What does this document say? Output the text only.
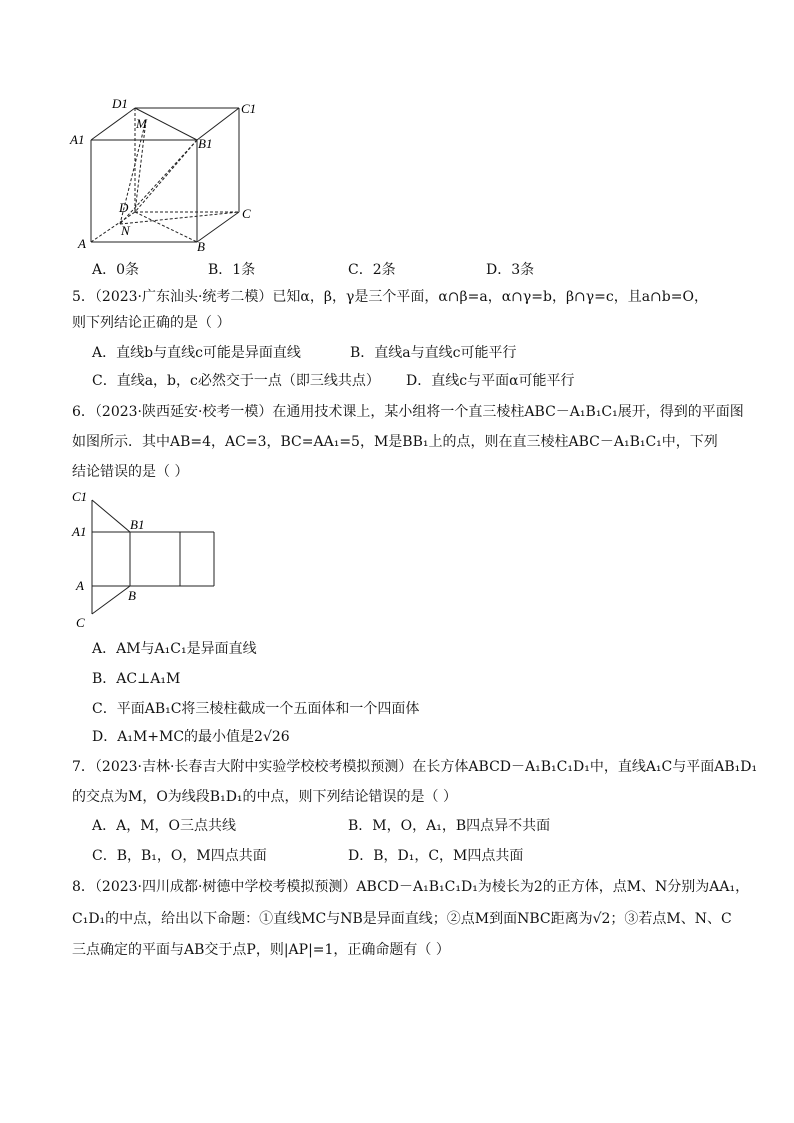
D1	C1
A1	B1
M
D	C
N
A	B
A．0条	B．1条	C．2条	D．3条
5．（2023·广东汕头·统考二模）已知α，β，γ是三个平面，α∩β=a，α∩γ=b，β∩γ=c，且a∩b=O，
则下列结论正确的是（ ）
A．直线b与直线c可能是异面直线	B．直线a与直线c可能平行
C．直线a，b，c必然交于一点（即三线共点） D．直线c与平面α可能平行
6．（2023·陕西延安·校考一模）在通用技术课上，某小组将一个直三棱柱ABC－A₁B₁C₁展开，得到的平面图
如图所示．其中AB=4，AC=3，BC=AA₁=5，M是BB₁上的点，则在直三棱柱ABC－A₁B₁C₁中，下列
结论错误的是（ ）
C1
A1	B1
A
B
C
A．AM与A₁C₁是异面直线
B．AC⊥A₁M
C．平面AB₁C将三棱柱截成一个五面体和一个四面体
D．A₁M+MC的最小值是2√26
7．（2023·吉林·长春吉大附中实验学校校考模拟预测）在长方体ABCD－A₁B₁C₁D₁中，直线A₁C与平面AB₁D₁
的交点为M，O为线段B₁D₁的中点，则下列结论错误的是（ ）
A．A，M，O三点共线	B．M，O，A₁，B四点异不共面
C．B，B₁，O，M四点共面	D．B，D₁，C，M四点共面
8．（2023·四川成都·树德中学校考模拟预测）ABCD－A₁B₁C₁D₁为棱长为2的正方体，点M、N分别为AA₁，
C₁D₁的中点，给出以下命题：①直线MC与NB是异面直线；②点M到面NBC距离为√2；③若点M、N、C
三点确定的平面与AB交于点P，则|AP|=1，正确命题有（ ）
